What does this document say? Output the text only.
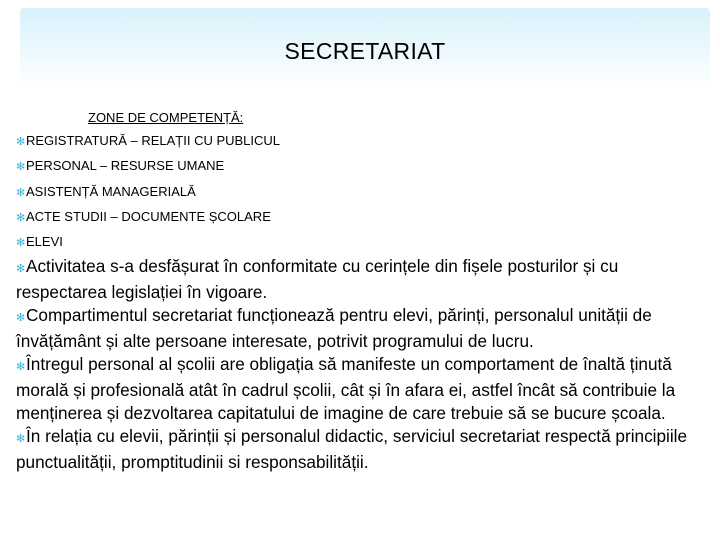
SECRETARIAT
ZONE DE COMPETENȚĂ:
✻REGISTRATURĂ – RELAȚII CU PUBLICUL
✻PERSONAL – RESURSE UMANE
✻ASISTENȚĂ MANAGERIALĂ
✻ACTE STUDII – DOCUMENTE ȘCOLARE
✻ELEVI

✻Activitatea s-a desfășurat în conformitate cu cerințele din fișele posturilor și cu respectarea legislației în vigoare.

✻Compartimentul secretariat funcționează pentru elevi, părinți, personalul unității de învățământ și alte persoane interesate, potrivit programului de lucru.

✻Întregul personal al școlii are obligația să manifeste un comportament de înaltă ținută morală și profesională atât în cadrul școlii, cât și în afara ei, astfel încât să contribuie la menținerea și dezvoltarea capitatului de imagine de care trebuie să se bucure școala.

✻În relația cu elevii, părinții și personalul didactic, serviciul secretariat respectă principiile punctualității, promptitudinii si responsabilității.
